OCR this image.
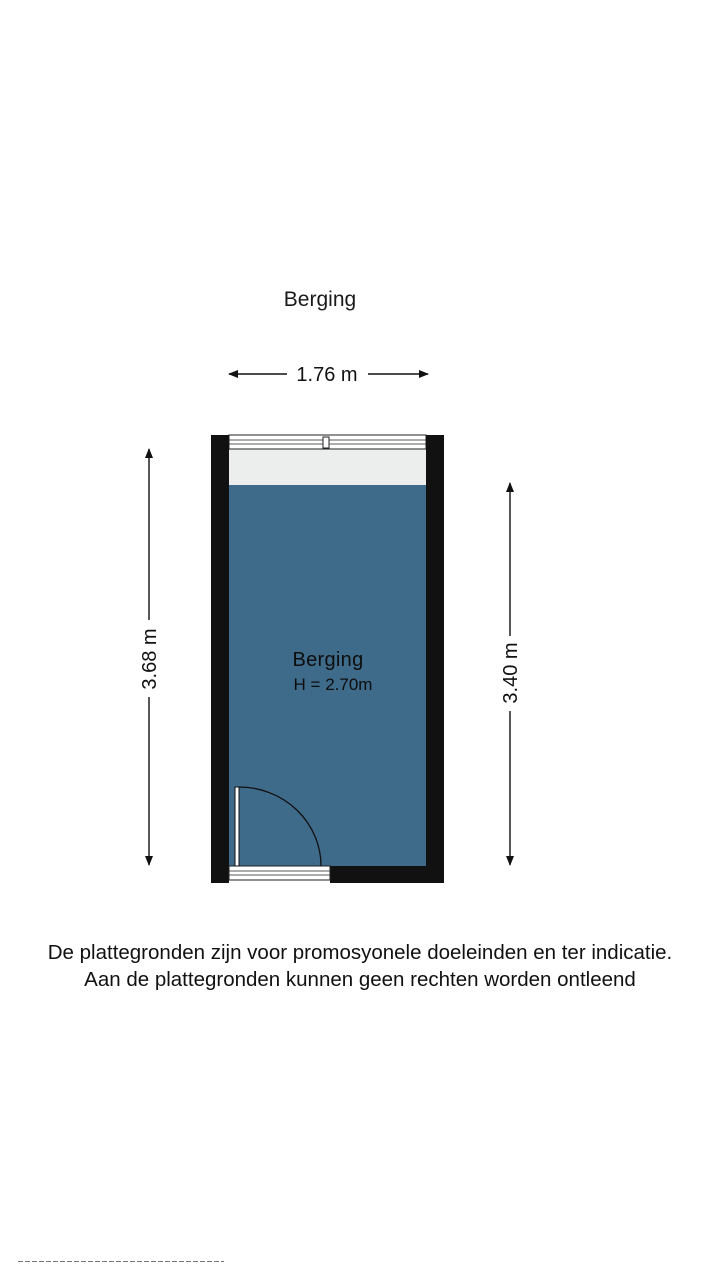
Berging
1.76 m
3.68 m	3.40 m
Berging
H = 2.70m
De plattegronden zijn voor promosyonele doeleinden en ter indicatie.
Aan de plattegronden kunnen geen rechten worden ontleend
